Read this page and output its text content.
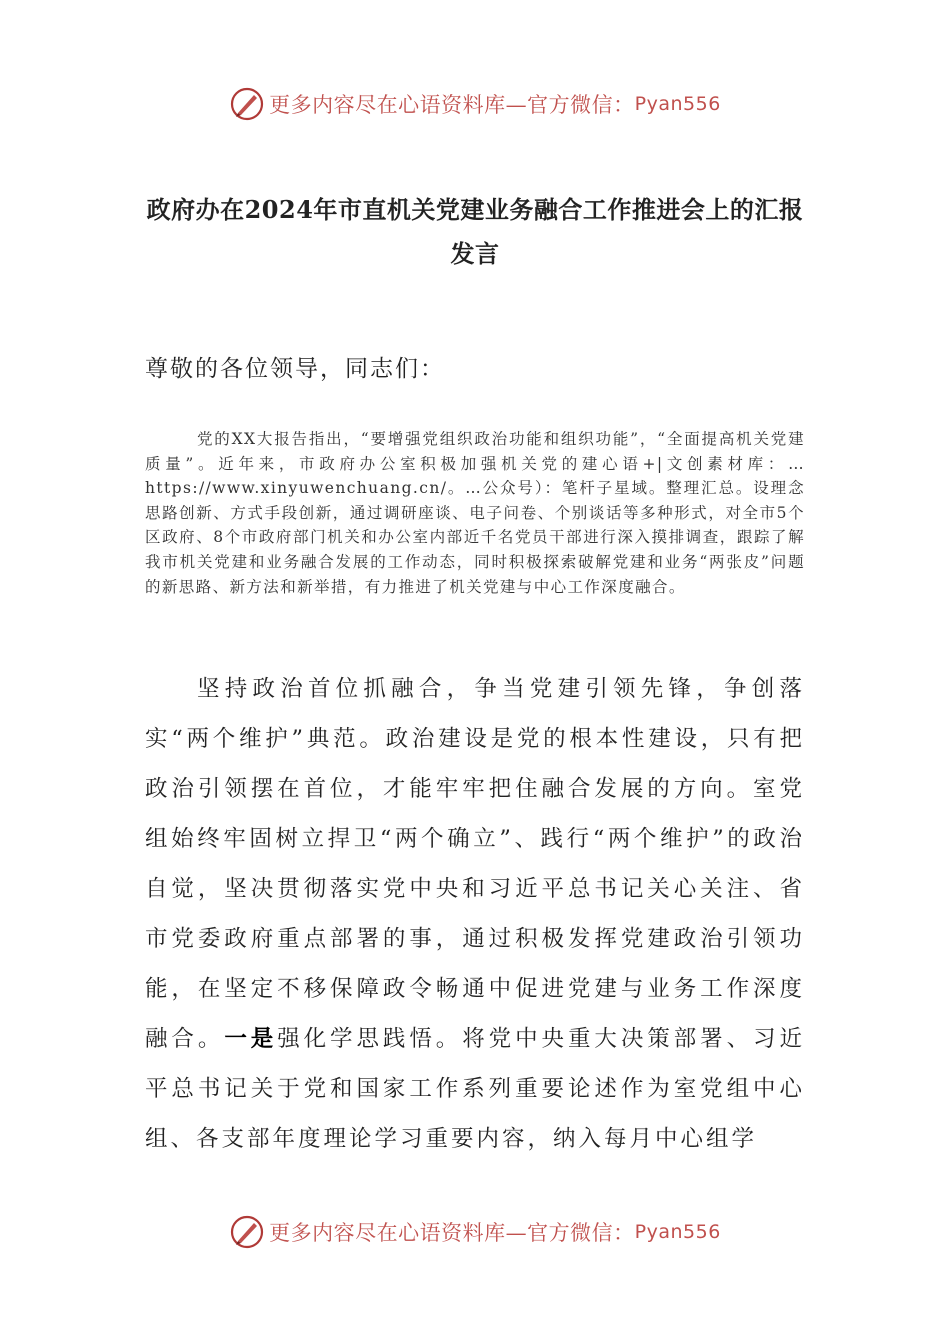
更多内容尽在心语资料库—官方微信： Pyan556
政府办在2024年市直机关党建业务融合工作推进会上的汇报发言
尊敬的各位领导，同志们：
党的XX大报告指出，“要增强党组织政治功能和组织功能”，“全面提高机关党建质量”。近年来，市政府办公室积极加强机关党的建心语+|文创素材库：…https://www.xinyuwenchuang.cn/。…公众号）：笔杆子星域。整理汇总。设理念思路创新、方式手段创新，通过调研座谈、电子问卷、个别谈话等多种形式，对全市5个区政府、8个市政府部门机关和办公室内部近千名党员干部进行深入摸排调查，跟踪了解我市机关党建和业务融合发展的工作动态，同时积极探索破解党建和业务“两张皮”问题的新思路、新方法和新举措，有力推进了机关党建与中心工作深度融合。
坚持政治首位抓融合，争当党建引领先锋，争创落实“两个维护”典范。政治建设是党的根本性建设，只有把政治引领摆在首位，才能牢牢把住融合发展的方向。室党组始终牢固树立捍卫“两个确立”、践行“两个维护”的政治自觉，坚决贯彻落实党中央和习近平总书记关心关注、省市党委政府重点部署的事，通过积极发挥党建政治引领功能，在坚定不移保障政令畅通中促进党建与业务工作深度融合。一是强化学思践悟。将党中央重大决策部署、习近平总书记关于党和国家工作系列重要论述作为室党组中心组、各支部年度理论学习重要内容，纳入每月中心组学
更多内容尽在心语资料库—官方微信： Pyan556
